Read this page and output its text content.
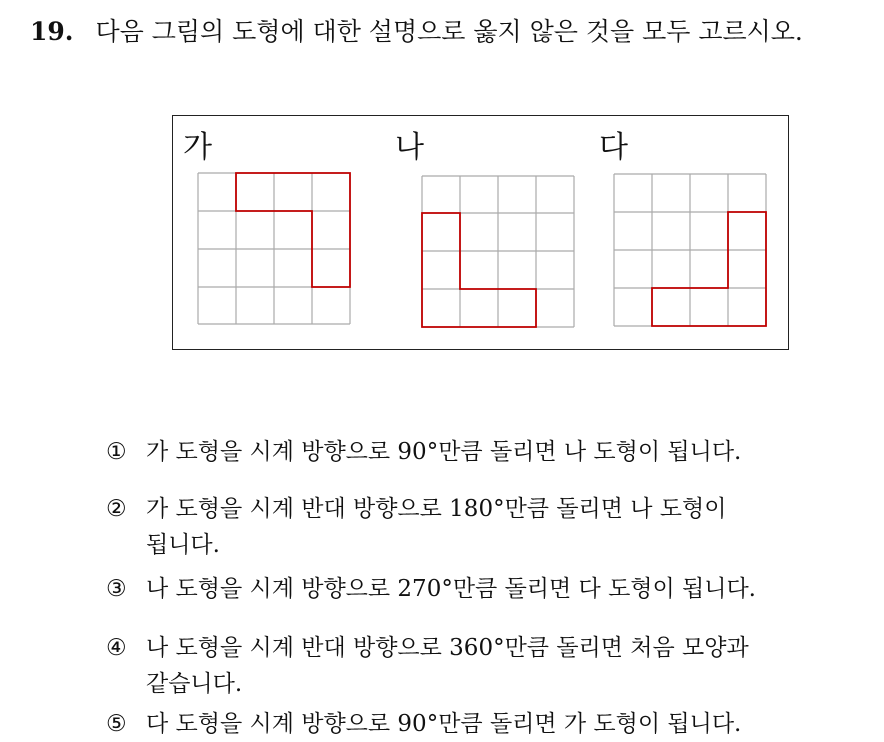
19. 다음 그림의 도형에 대한 설명으로 옳지 않은 것을 모두 고르시오.
가	나	다
① 가 도형을 시계 방향으로 90°만큼 돌리면 나 도형이 됩니다.
② 가 도형을 시계 반대 방향으로 180°만큼 돌리면 나 도형이
됩니다.
③ 나 도형을 시계 방향으로 270°만큼 돌리면 다 도형이 됩니다.
④ 나 도형을 시계 반대 방향으로 360°만큼 돌리면 처음 모양과
같습니다.
⑤ 다 도형을 시계 방향으로 90°만큼 돌리면 가 도형이 됩니다.
